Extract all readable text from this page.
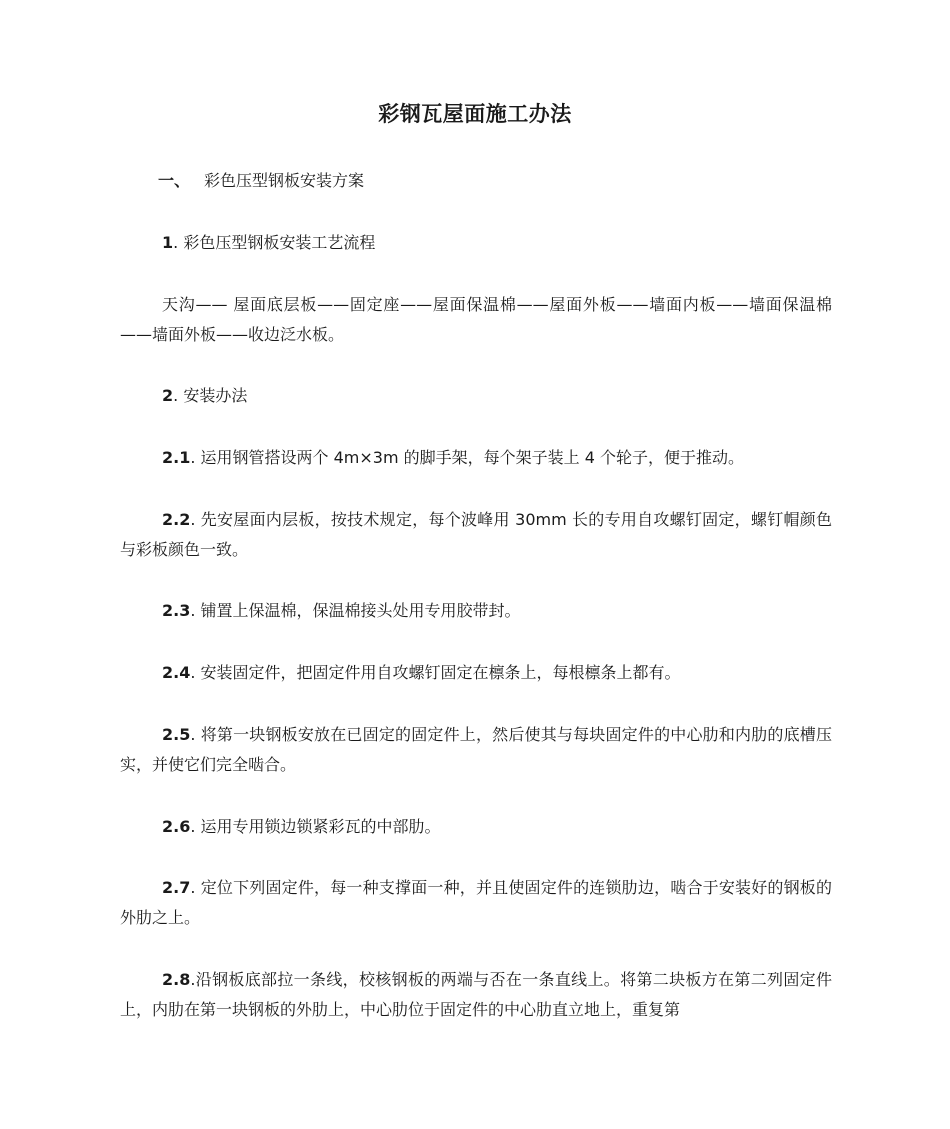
彩钢瓦屋面施工办法
一、 彩色压型钢板安装方案
1. 彩色压型钢板安装工艺流程
天沟—— 屋面底层板——固定座——屋面保温棉——屋面外板——墙面内板——墙面保温棉——墙面外板——收边泛水板。
2. 安装办法
2.1. 运用钢管搭设两个 4m×3m 的脚手架，每个架子装上 4 个轮子，便于推动。
2.2. 先安屋面内层板，按技术规定，每个波峰用 30mm 长的专用自攻螺钉固定，螺钉帽颜色与彩板颜色一致。
2.3. 铺置上保温棉，保温棉接头处用专用胶带封。
2.4. 安装固定件，把固定件用自攻螺钉固定在檩条上，每根檩条上都有。
2.5. 将第一块钢板安放在已固定的固定件上，然后使其与每块固定件的中心肋和内肋的底槽压实，并使它们完全啮合。
2.6. 运用专用锁边锁紧彩瓦的中部肋。
2.7. 定位下列固定件，每一种支撑面一种，并且使固定件的连锁肋边，啮合于安装好的钢板的外肋之上。
2.8.沿钢板底部拉一条线，校核钢板的两端与否在一条直线上。将第二块板方在第二列固定件上，内肋在第一块钢板的外肋上，中心肋位于固定件的中心肋直立地上，重复第
